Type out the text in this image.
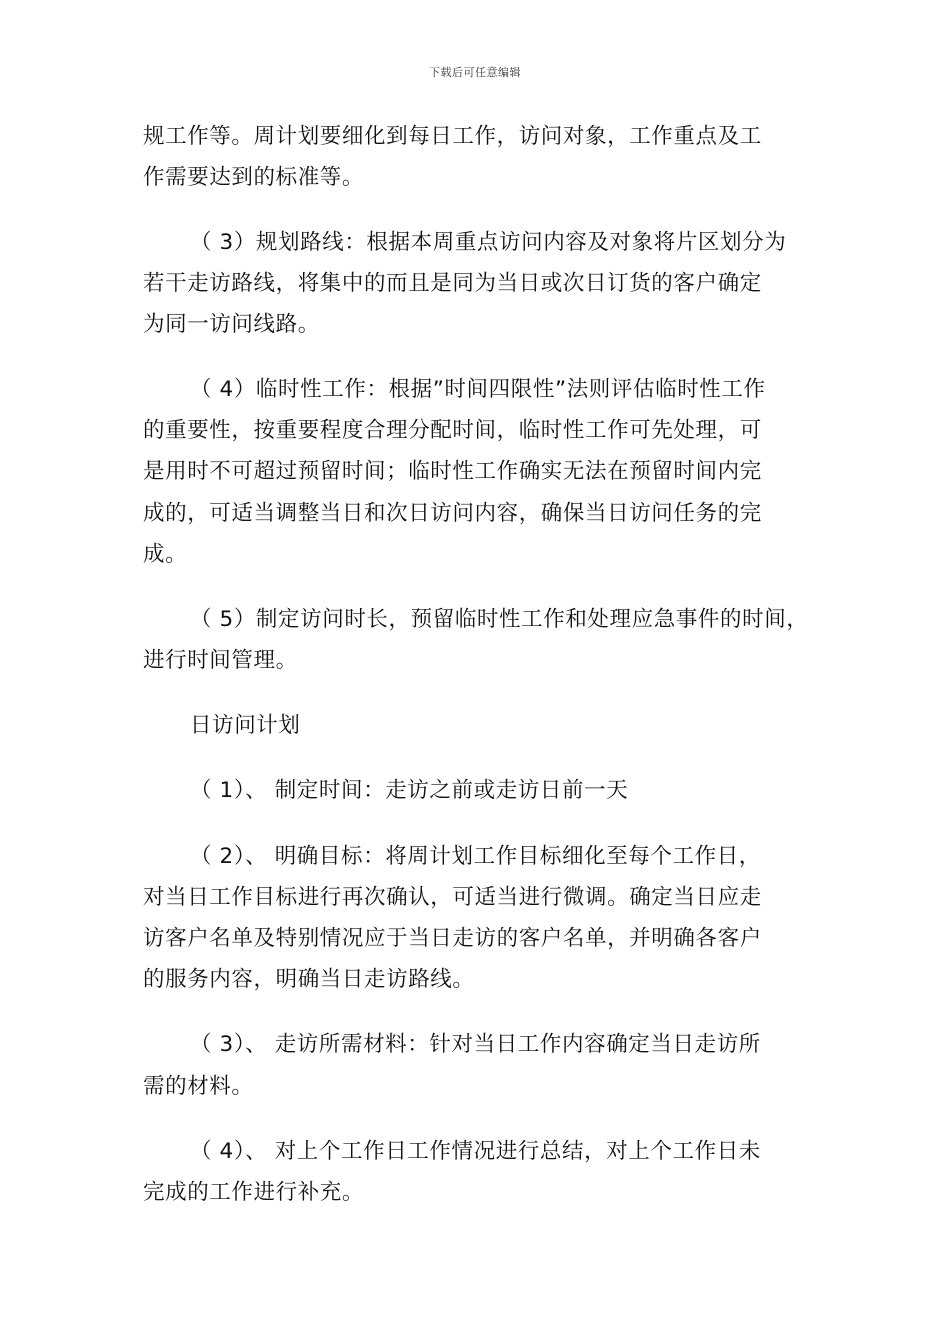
下载后可任意编辑
规工作等。周计划要细化到每日工作，访问对象，工作重点及工
作需要达到的标准等。
（ 3）规划路线：根据本周重点访问内容及对象将片区划分为
若干走访路线，将集中的而且是同为当日或次日订货的客户确定
为同一访问线路。
（ 4）临时性工作：根据”时间四限性”法则评估临时性工作
的重要性，按重要程度合理分配时间，临时性工作可先处理，可
是用时不可超过预留时间；临时性工作确实无法在预留时间内完
成的，可适当调整当日和次日访问内容，确保当日访问任务的完
成。
（ 5）制定访问时长，预留临时性工作和处理应急事件的时间，
进行时间管理。
日访问计划
（ 1）、 制定时间：走访之前或走访日前一天
（ 2）、 明确目标：将周计划工作目标细化至每个工作日，
对当日工作目标进行再次确认，可适当进行微调。确定当日应走
访客户名单及特别情况应于当日走访的客户名单，并明确各客户
的服务内容，明确当日走访路线。
（ 3）、 走访所需材料：针对当日工作内容确定当日走访所
需的材料。
（ 4）、 对上个工作日工作情况进行总结，对上个工作日未
完成的工作进行补充。
